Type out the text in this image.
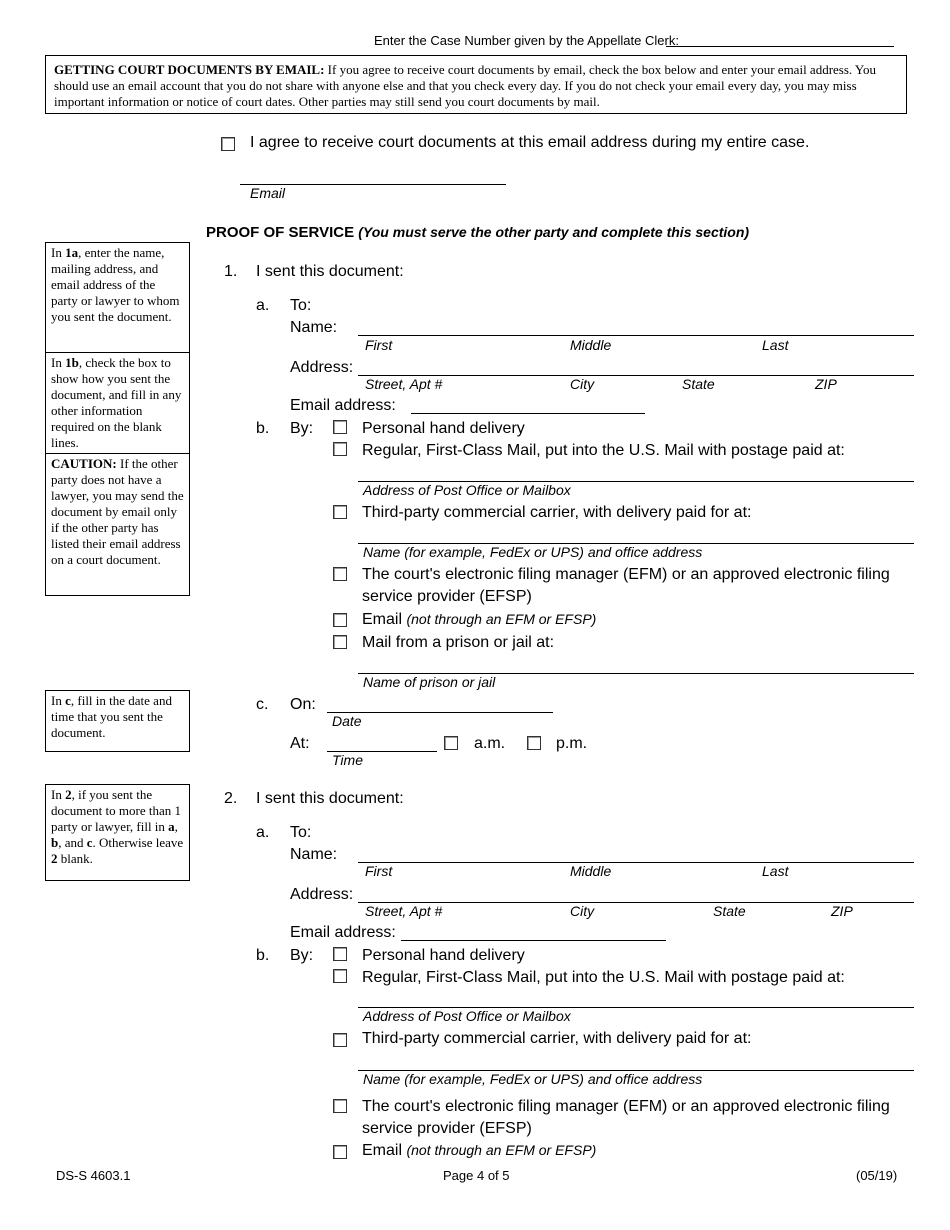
Enter the Case Number given by the Appellate Clerk:
GETTING COURT DOCUMENTS BY EMAIL: If you agree to receive court documents by email, check the box below and enter your email address. You should use an email account that you do not share with anyone else and that you check every day. If you do not check your email every day, you may miss important information or notice of court dates. Other parties may still send you court documents by mail.
I agree to receive court documents at this email address during my entire case.
Email
PROOF OF SERVICE (You must serve the other party and complete this section)
In 1a, enter the name, mailing address, and email address of the party or lawyer to whom you sent the document.
In 1b, check the box to show how you sent the document, and fill in any other information required on the blank lines.
CAUTION: If the other party does not have a lawyer, you may send the document by email only if the other party has listed their email address on a court document.
In c, fill in the date and time that you sent the document.
In 2, if you sent the document to more than 1 party or lawyer, fill in a, b, and c. Otherwise leave 2 blank.
1. I sent this document:
a. To:
Name:
First	Middle	Last
Address:
Street, Apt #	City	State	ZIP
Email address:
b. By:	Personal hand delivery
Regular, First-Class Mail, put into the U.S. Mail with postage paid at:
Address of Post Office or Mailbox
Third-party commercial carrier, with delivery paid for at:
Name (for example, FedEx or UPS) and office address
The court's electronic filing manager (EFM) or an approved electronic filing
service provider (EFSP)
Email (not through an EFM or EFSP)
Mail from a prison or jail at:
Name of prison or jail
c. On:
Date
At:	a.m.	p.m.
Time
2. I sent this document:
a. To:
Name:
First	Middle	Last
Address:
Street, Apt #	City	State	ZIP
Email address:
b. By:	Personal hand delivery
Regular, First-Class Mail, put into the U.S. Mail with postage paid at:
Address of Post Office or Mailbox
Third-party commercial carrier, with delivery paid for at:
Name (for example, FedEx or UPS) and office address
The court's electronic filing manager (EFM) or an approved electronic filing
service provider (EFSP)
Email (not through an EFM or EFSP)
DS-S 4603.1	Page 4 of 5	(05/19)
